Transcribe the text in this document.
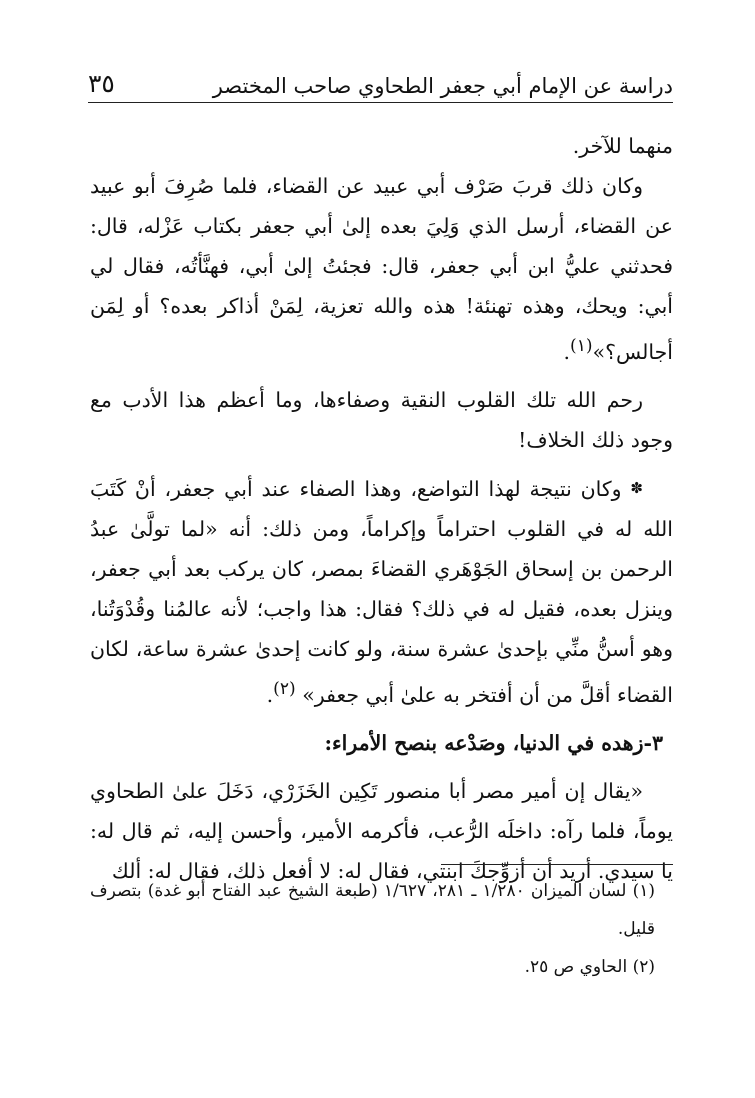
دراسة عن الإمام أبي جعفر الطحاوي صاحب المختصر
٣٥

منهما للآخر.

وكان ذلك قربَ صَرْف أبي عبيد عن القضاء، فلما صُرِفَ أبو عبيد عن القضاء، أرسل الذي وَلِيَ بعده إلىٰ أبي جعفر بكتاب عَزْله، قال: فحدثني عليُّ ابن أبي جعفر، قال: فجئتُ إلىٰ أبي، فهنَّأتُه، فقال لي أبي: ويحك، وهذه تهنئة! هذه والله تعزية، لِمَنْ أذاكر بعده؟ أو لِمَن أجالس؟»$^{(١)}$.

رحم الله تلك القلوب النقية وصفاءها، وما أعظم هذا الأدب مع وجود ذلك الخلاف!

✽ وكان نتيجة لهذا التواضع، وهذا الصفاء عند أبي جعفر، أنْ كَتَبَ الله له في القلوب احتراماً وإكراماً، ومن ذلك: أنه «لما تولَّىٰ عبدُ الرحمن بن إسحاق الجَوْهَري القضاءَ بمصر، كان يركب بعد أبي جعفر، وينزل بعده، فقيل له في ذلك؟ فقال: هذا واجب؛ لأنه عالمُنا وقُدْوَتُنا، وهو أسنُّ منِّي بإحدىٰ عشرة سنة، ولو كانت إحدىٰ عشرة ساعة، لكان القضاء أقلَّ من أن أفتخر به علىٰ أبي جعفر» $^{(٢)}$.

٣-زهده في الدنيا، وصَدْعه بنصح الأمراء:

«يقال إن أمير مصر أبا منصور تَكِين الخَزَرْي، دَخَلَ علىٰ الطحاوي يوماً، فلما رآه: داخلَه الرُّعب، فأكرمه الأمير، وأحسن إليه، ثم قال له: يا سيدي. أريد أن أزوِّجكَ ابنتي، فقال له: لا أفعل ذلك، فقال له: ألك

(١) لسان الميزان ١/٢٨٠ ـ ٢٨١، ١/٦٢٧ (طبعة الشيخ عبد الفتاح أبو غدة) بتصرف قليل.

(٢) الحاوي ص ٢٥.
